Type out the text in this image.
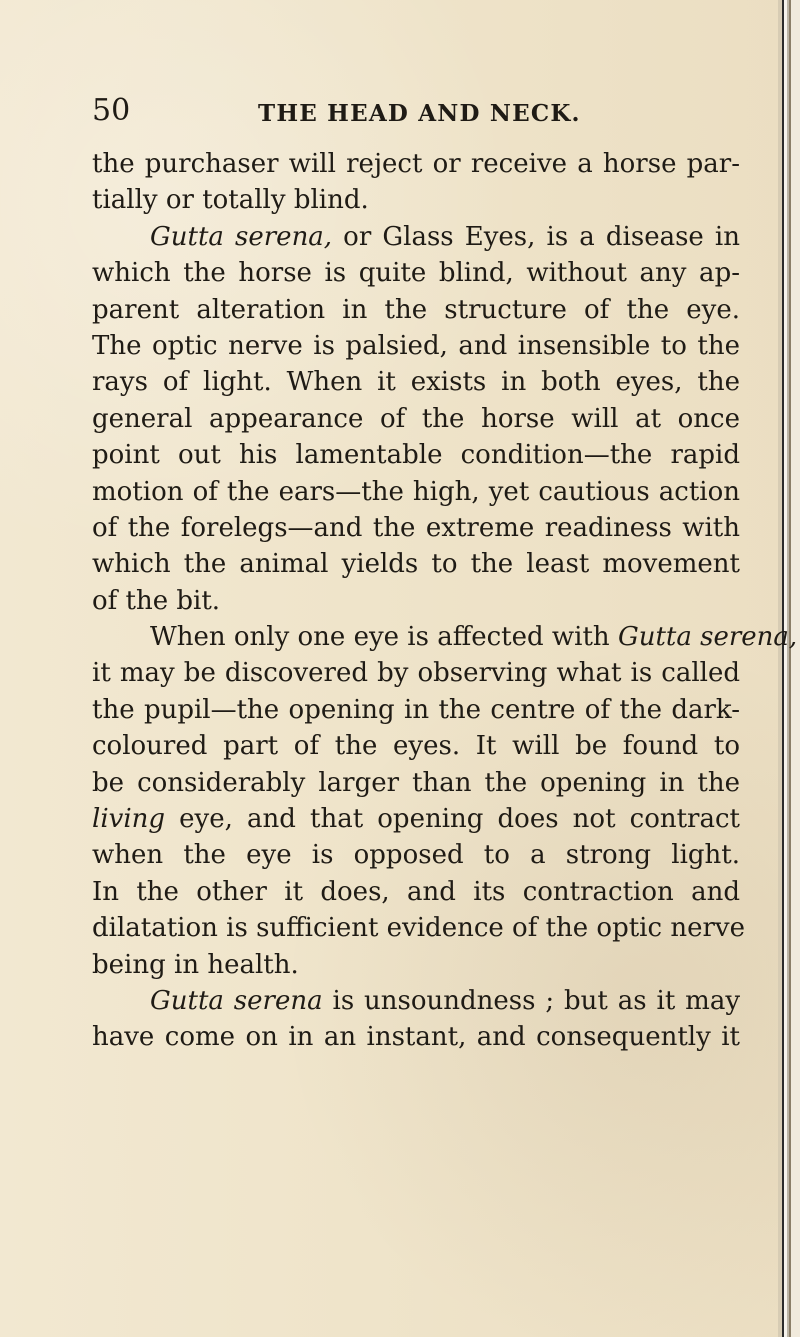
50	THE HEAD AND NECK.
the purchaser will reject or receive a horse par-
tially or totally blind.
Gutta serena, or Glass Eyes, is a disease in
which the horse is quite blind, without any ap-
parent alteration in the structure of the eye.
The optic nerve is palsied, and insensible to the
rays of light. When it exists in both eyes, the
general appearance of the horse will at once
point out his lamentable condition—the rapid
motion of the ears—the high, yet cautious action
of the forelegs—and the extreme readiness with
which the animal yields to the least movement
of the bit.
When only one eye is affected with Gutta serena,
it may be discovered by observing what is called
the pupil—the opening in the centre of the dark-
coloured part of the eyes. It will be found to
be considerably larger than the opening in the
living eye, and that opening does not contract
when the eye is opposed to a strong light.
In the other it does, and its contraction and
dilatation is sufficient evidence of the optic nerve
being in health.
Gutta serena is unsoundness ; but as it may
have come on in an instant, and consequently it
